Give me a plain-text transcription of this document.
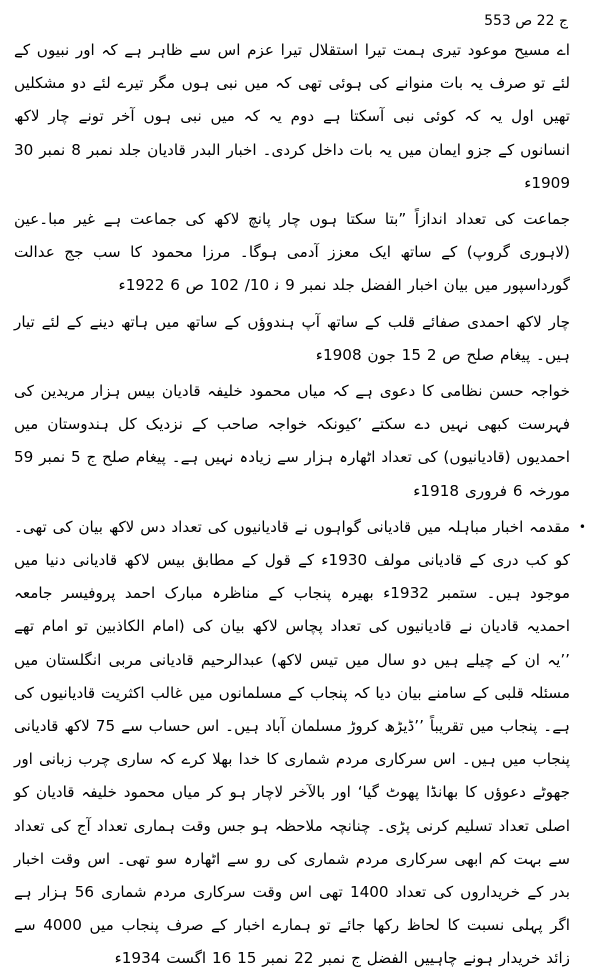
ج 22 ص 553

اے مسیح موعود تیری ہمت تیرا استقلال تیرا عزم اس سے ظاہر ہے کہ اور نبیوں کے لئے تو صرف یہ بات منوانے کی ہوئی تھی کہ میں نبی ہوں مگر تیرے لئے دو مشکلیں تھیں اول یہ کہ کوئی نبی آسکتا ہے دوم یہ کہ میں نبی ہوں آخر تونے چار لاکھ انسانوں کے جزو ایمان میں یہ بات داخل کردی۔ اخبار البدر قادیان جلد نمبر 8 نمبر 30 1909ء

جماعت کی تعداد اندازاً ”بتا سکتا ہوں چار پانچ لاکھ کی جماعت ہے غیر مبا۔عین (لاہوری گروپ) کے ساتھ ایک معزز آدمی ہوگا۔ مرزا محمود کا سب جج عدالت گورداسپور میں بیان اخبار الفضل جلد نمبر 9 ن‍ 10/ 102 ص 6 1922ء

چار لاکھ احمدی صفائے قلب کے ساتھ آپ ہندوؤں کے ساتھ میں ہاتھ دینے کے لئے تیار ہیں۔ پیغام صلح ص 2 15 جون 1908ء

خواجہ حسن نظامی کا دعوی ہے کہ میاں محمود خلیفہ قادیان بیس ہزار مریدین کی فہرست کبھی نہیں دے سکتے ’کیونکہ خواجہ صاحب کے نزدیک کل ہندوستان میں احمدیوں (قادیانیوں) کی تعداد اٹھارہ ہزار سے زیادہ نہیں ہے۔ پیغام صلح ج 5 نمبر 59 مورخہ 6 فروری 1918ء

•
مقدمہ اخبار مباہلہ میں قادیانی گواہوں نے قادیانیوں کی تعداد دس لاکھ بیان کی تھی۔ کو کب دری کے قادیانی مولف 1930ء کے قول کے مطابق بیس لاکھ قادیانی دنیا میں موجود ہیں۔ ستمبر 1932ء بھیرہ پنجاب کے مناظرہ مبارک احمد پروفیسر جامعہ احمدیہ قادیان نے قادیانیوں کی تعداد پچاس لاکھ بیان کی (امام الکاذبین تو امام تھے ’’یہ ان کے چیلے ہیں دو سال میں تیس لاکھ) عبدالرحیم قادیانی مربی انگلستان میں مسئلہ قلبی کے سامنے بیان دیا کہ پنجاب کے مسلمانوں میں غالب اکثریت قادیانیوں کی ہے۔ پنجاب میں تقریباً ’’ڈیڑھ کروڑ مسلمان آباد ہیں۔ اس حساب سے 75 لاکھ قادیانی پنجاب میں ہیں۔ اس سرکاری مردم شماری کا خدا بھلا کرے کہ ساری چرب زبانی اور جھوٹے دعوؤں کا بھانڈا پھوٹ گیا‘ اور بالآخر لاچار ہو کر میاں محمود خلیفہ قادیان کو اصلی تعداد تسلیم کرنی پڑی۔ چنانچہ ملاحظہ ہو جس وقت ہماری تعداد آج کی تعداد سے بہت کم ابھی سرکاری مردم شماری کی رو سے اٹھارہ سو تھی۔ اس وقت اخبار بدر کے خریداروں کی تعداد 1400 تھی اس وقت سرکاری مردم شماری 56 ہزار ہے اگر پہلی نسبت کا لحاظ رکھا جائے تو ہمارے اخبار کے صرف پنجاب میں 4000 سے زائد خریدار ہونے چاہییں الفضل ج نمبر 22 نمبر 15 16 اگست 1934ء
